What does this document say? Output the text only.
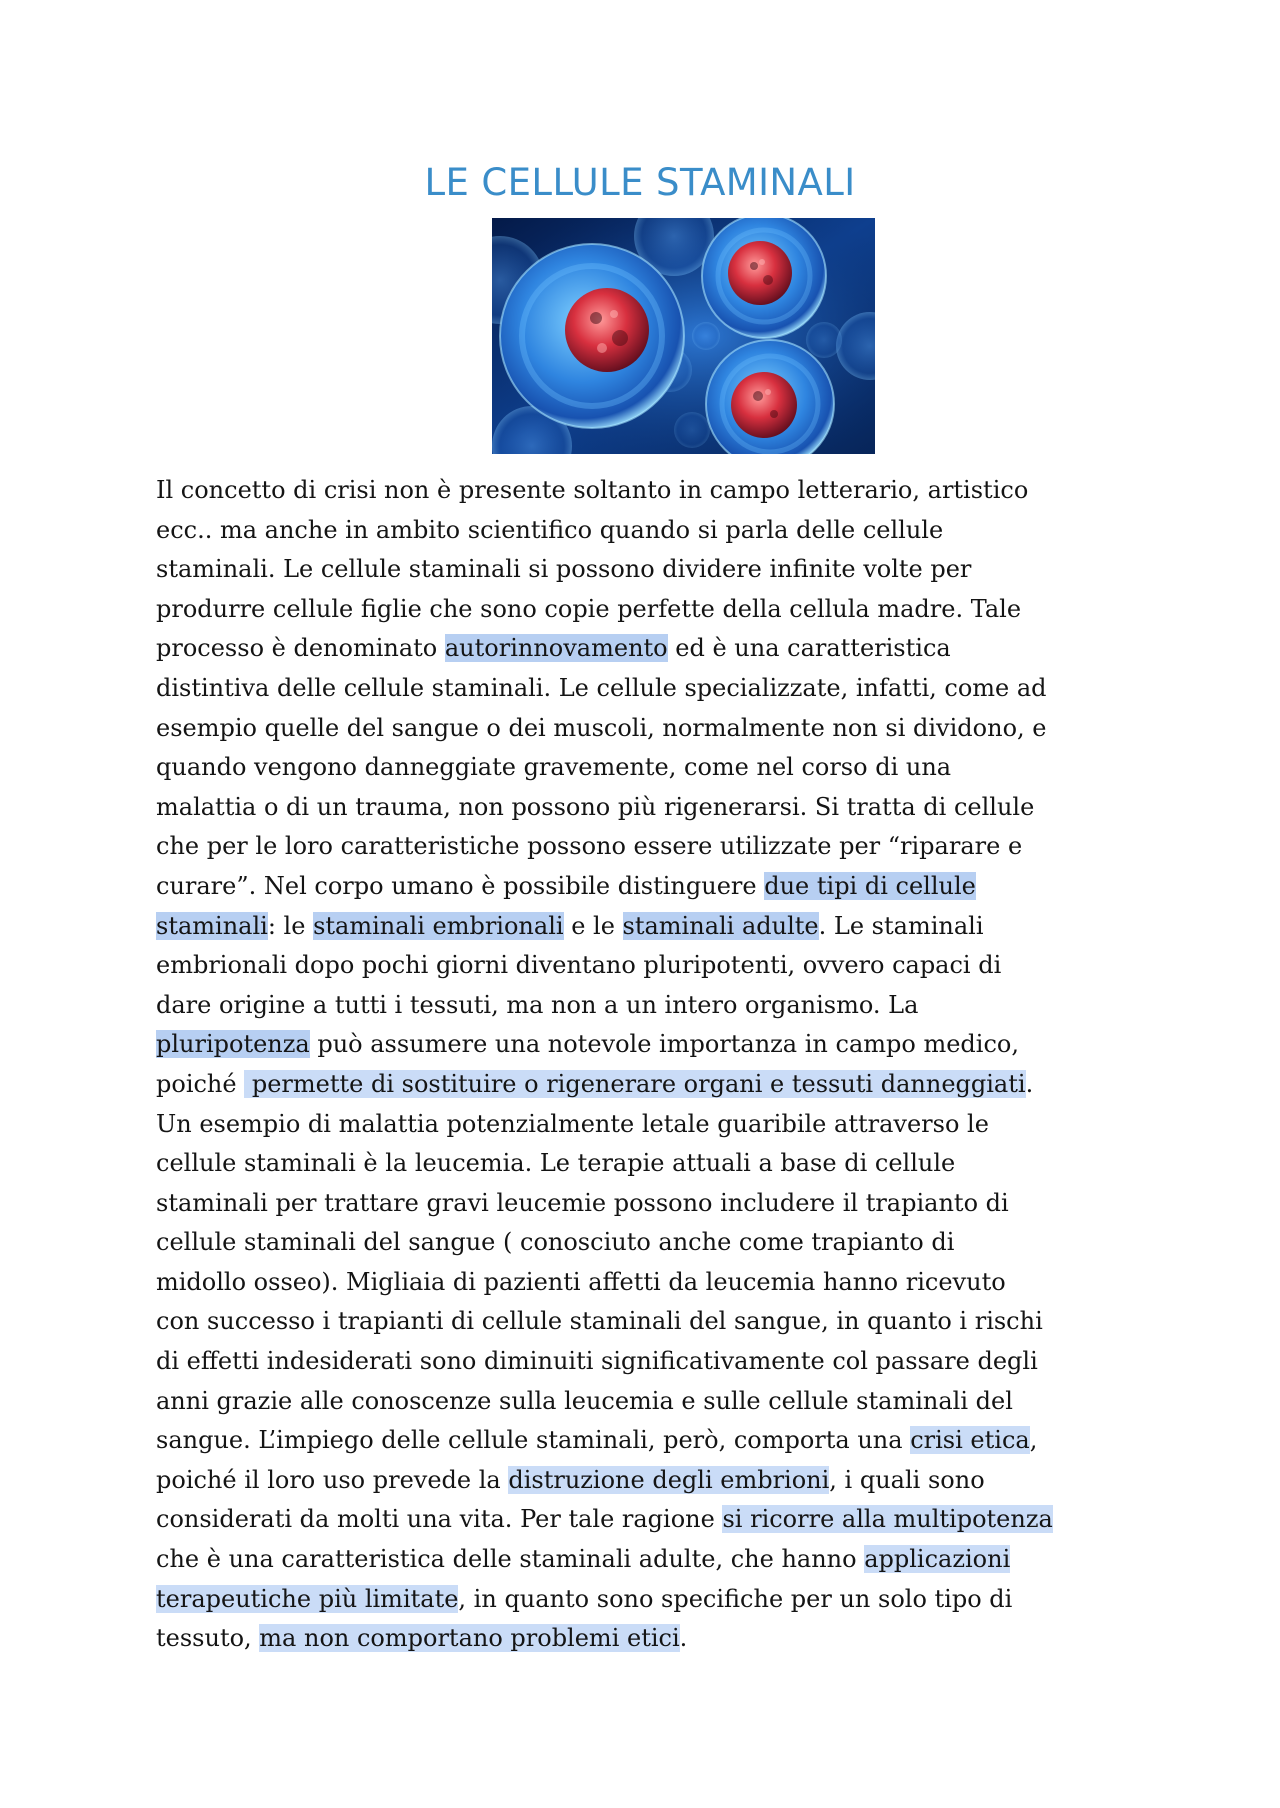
LE CELLULE STAMINALI
Il concetto di crisi non è presente soltanto in campo letterario, artistico
ecc.. ma anche in ambito scientifico quando si parla delle cellule
staminali. Le cellule staminali si possono dividere infinite volte per
produrre cellule figlie che sono copie perfette della cellula madre. Tale
processo è denominato autorinnovamento ed è una caratteristica
distintiva delle cellule staminali. Le cellule specializzate, infatti, come ad
esempio quelle del sangue o dei muscoli, normalmente non si dividono, e
quando vengono danneggiate gravemente, come nel corso di una
malattia o di un trauma, non possono più rigenerarsi. Si tratta di cellule
che per le loro caratteristiche possono essere utilizzate per “riparare e
curare”. Nel corpo umano è possibile distinguere due tipi di cellule
staminali: le staminali embrionali e le staminali adulte. Le staminali
embrionali dopo pochi giorni diventano pluripotenti, ovvero capaci di
dare origine a tutti i tessuti, ma non a un intero organismo. La
pluripotenza può assumere una notevole importanza in campo medico,
poiché  permette di sostituire o rigenerare organi e tessuti danneggiati.
Un esempio di malattia potenzialmente letale guaribile attraverso le
cellule staminali è la leucemia. Le terapie attuali a base di cellule
staminali per trattare gravi leucemie possono includere il trapianto di
cellule staminali del sangue ( conosciuto anche come trapianto di
midollo osseo). Migliaia di pazienti affetti da leucemia hanno ricevuto
con successo i trapianti di cellule staminali del sangue, in quanto i rischi
di effetti indesiderati sono diminuiti significativamente col passare degli
anni grazie alle conoscenze sulla leucemia e sulle cellule staminali del
sangue. L’impiego delle cellule staminali, però, comporta una crisi etica,
poiché il loro uso prevede la distruzione degli embrioni, i quali sono
considerati da molti una vita. Per tale ragione si ricorre alla multipotenza
che è una caratteristica delle staminali adulte, che hanno applicazioni
terapeutiche più limitate, in quanto sono specifiche per un solo tipo di
tessuto, ma non comportano problemi etici.
